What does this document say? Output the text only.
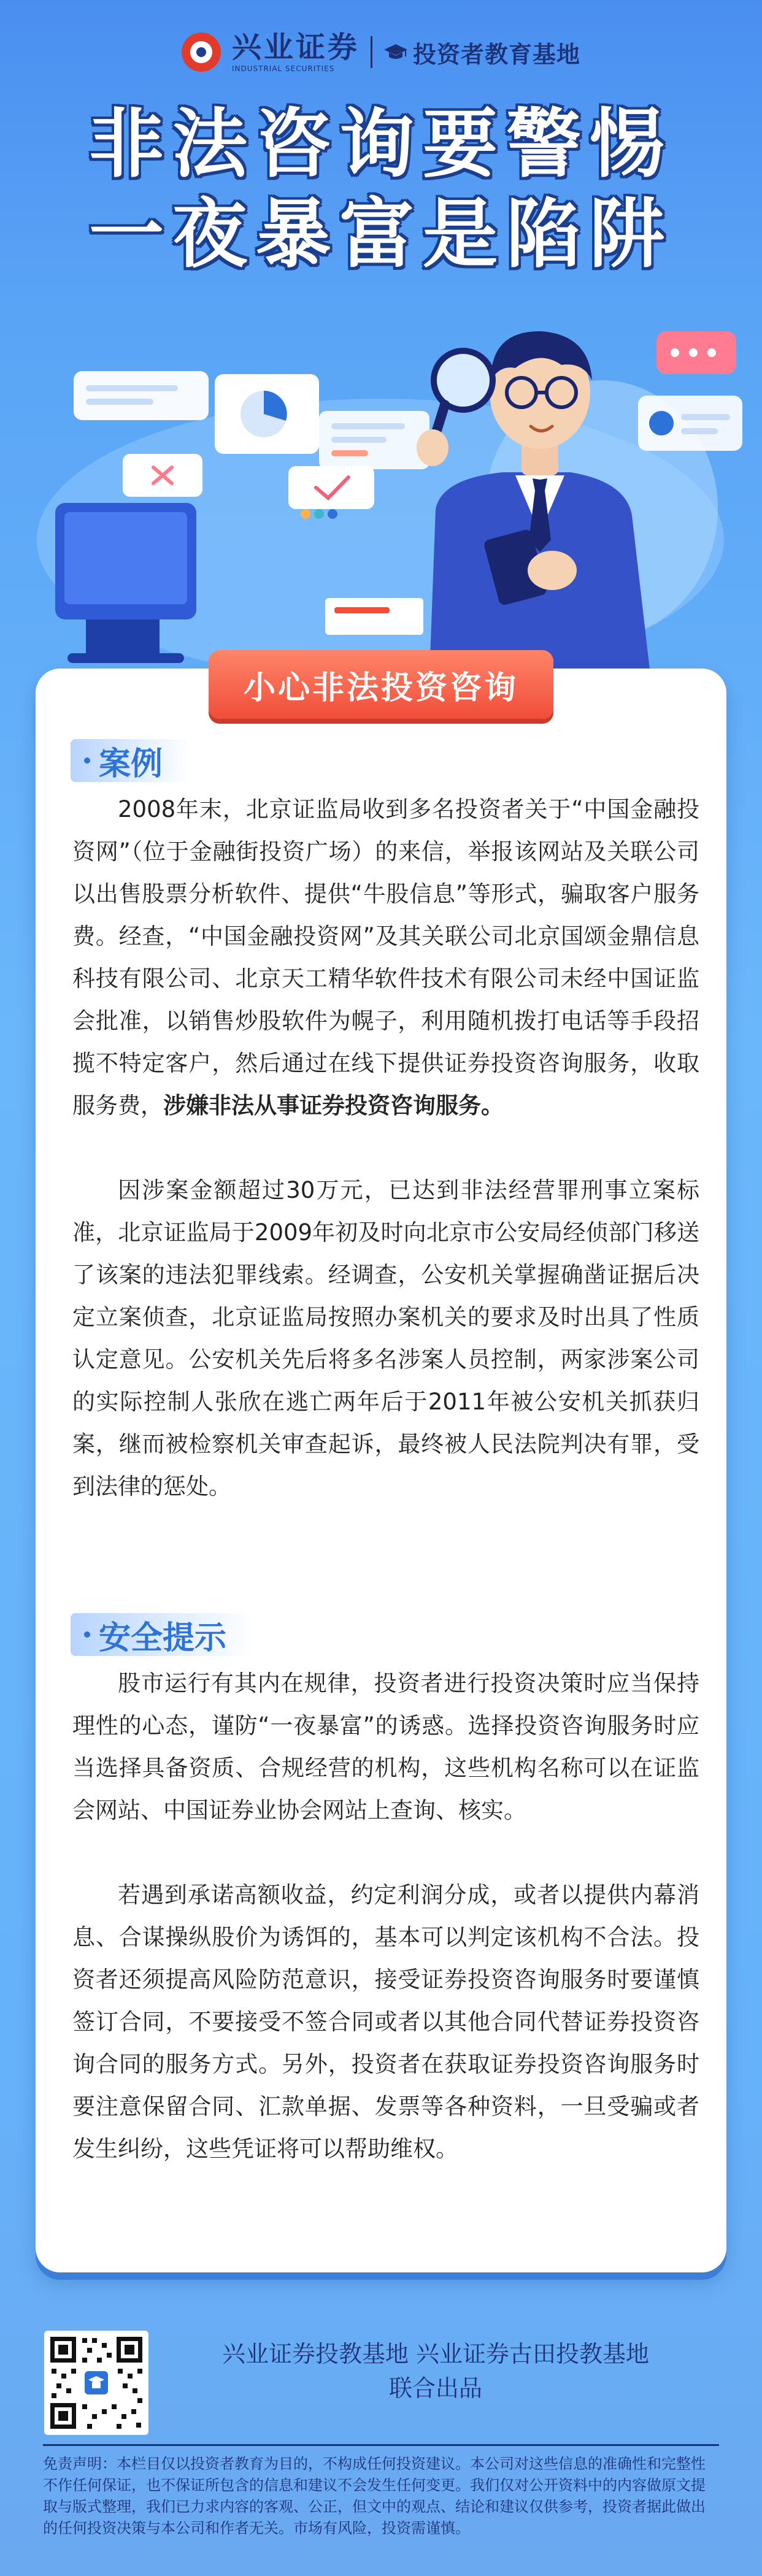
兴业证券
INDUSTRIAL SECURITIES
投资者教育基地
非法咨询要警惕
一夜暴富是陷阱
小心非法投资咨询
案例
2008年末，北京证监局收到多名投资者关于“中国金融投资网”（位于金融街投资广场）的来信，举报该网站及关联公司以出售股票分析软件、提供“牛股信息”等形式，骗取客户服务费。经查，“中国金融投资网”及其关联公司北京国颂金鼎信息科技有限公司、北京天工精华软件技术有限公司未经中国证监会批准，以销售炒股软件为幌子，利用随机拨打电话等手段招揽不特定客户，然后通过在线下提供证券投资咨询服务，收取服务费，涉嫌非法从事证券投资咨询服务。
因涉案金额超过30万元，已达到非法经营罪刑事立案标准，北京证监局于2009年初及时向北京市公安局经侦部门移送了该案的违法犯罪线索。经调查，公安机关掌握确凿证据后决定立案侦查，北京证监局按照办案机关的要求及时出具了性质认定意见。公安机关先后将多名涉案人员控制，两家涉案公司的实际控制人张欣在逃亡两年后于2011年被公安机关抓获归案，继而被检察机关审查起诉，最终被人民法院判决有罪，受到法律的惩处。
安全提示
股市运行有其内在规律，投资者进行投资决策时应当保持理性的心态，谨防“一夜暴富”的诱惑。选择投资咨询服务时应当选择具备资质、合规经营的机构，这些机构名称可以在证监会网站、中国证券业协会网站上查询、核实。
若遇到承诺高额收益，约定利润分成，或者以提供内幕消息、合谋操纵股价为诱饵的，基本可以判定该机构不合法。投资者还须提高风险防范意识，接受证券投资咨询服务时要谨慎签订合同，不要接受不签合同或者以其他合同代替证券投资咨询合同的服务方式。另外，投资者在获取证券投资咨询服务时要注意保留合同、汇款单据、发票等各种资料，一旦受骗或者发生纠纷，这些凭证将可以帮助维权。
兴业证券投教基地 兴业证券古田投教基地
联合出品
免责声明：本栏目仅以投资者教育为目的，不构成任何投资建议。本公司对这些信息的准确性和完整性不作任何保证，也不保证所包含的信息和建议不会发生任何变更。我们仅对公开资料中的内容做原文提取与版式整理，我们已力求内容的客观、公正，但文中的观点、结论和建议仅供参考，投资者据此做出的任何投资决策与本公司和作者无关。市场有风险，投资需谨慎。
